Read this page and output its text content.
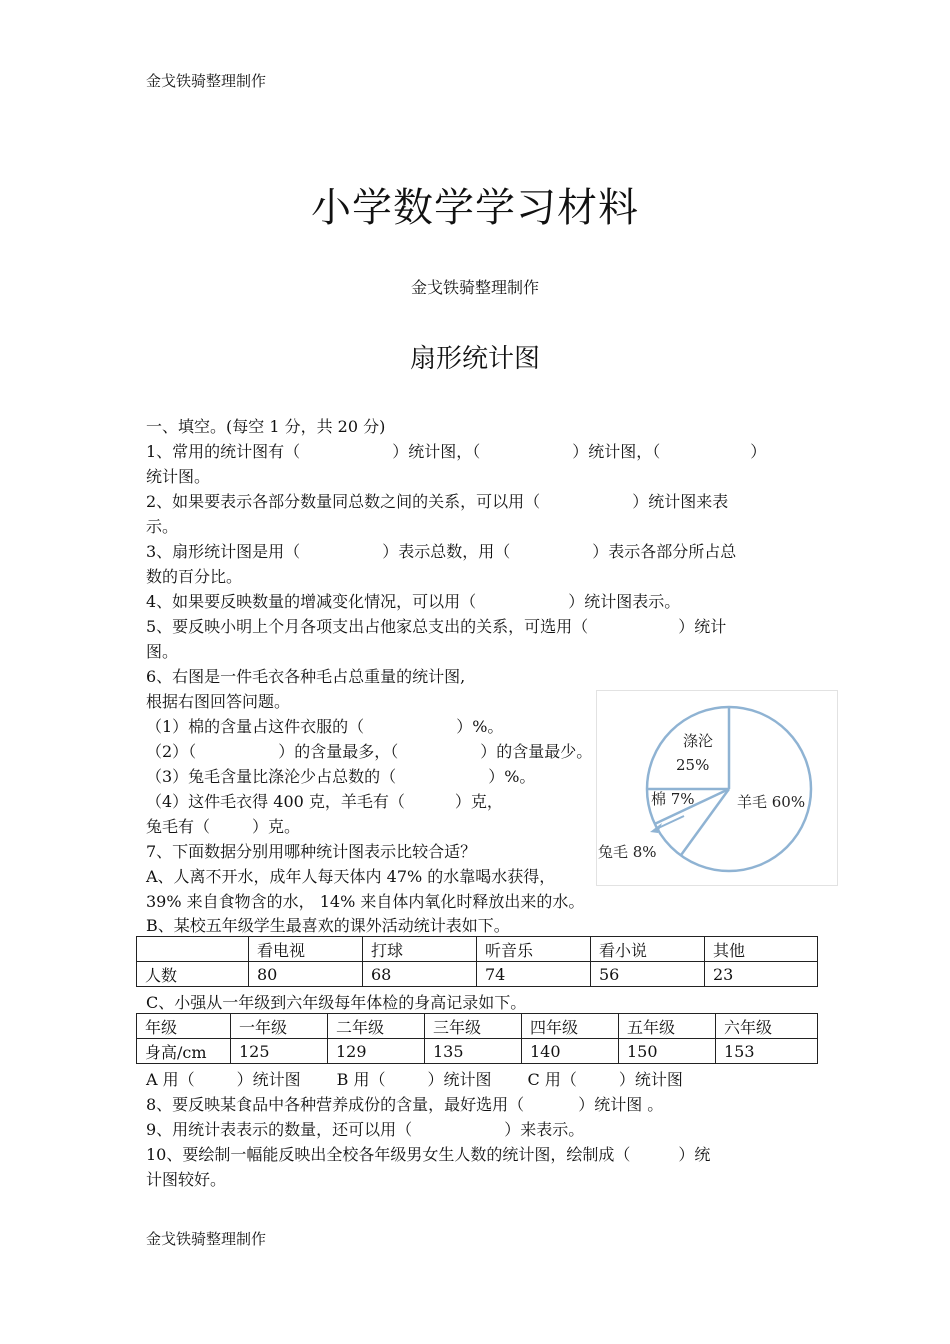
金戈铁骑整理制作
小学数学学习材料
金戈铁骑整理制作
扇形统计图
一、填空。(每空 1 分，共 20 分)
1、常用的统计图有（	）统计图，（	）统计图，（	）
统计图。
2、如果要表示各部分数量同总数之间的关系，可以用（	）统计图来表
示。
3、扇形统计图是用（	）表示总数，用（	）表示各部分所占总
数的百分比。
4、如果要反映数量的增减变化情况，可以用（	）统计图表示。
5、要反映小明上个月各项支出占他家总支出的关系，可选用（	）统计
图。
6、右图是一件毛衣各种毛占总重量的统计图,
根据右图回答问题。
（1）棉的含量占这件衣服的（	）%。
（2）（	）的含量最多，（	）的含量最少。
（3）兔毛含量比涤沦少占总数的（	）%。
（4）这件毛衣得 400 克，羊毛有（	）克，
兔毛有（	）克。
涤沦
25%
羊毛 60%
棉 7%
兔毛 8%
7、下面数据分别用哪种统计图表示比较合适？
A、人离不开水，成年人每天体内 47% 的水靠喝水获得，
39% 来自食物含的水， 14% 来自体内氧化时释放出来的水。
B、某校五年级学生最喜欢的课外活动统计表如下。
	看电视	打球	听音乐	看小说	其他
人数	80	68	74	56	23
C、小强从一年级到六年级每年体检的身高记录如下。
年级	一年级	二年级	三年级	四年级	五年级	六年级
身高/cm	125	129	135	140	150	153
A 用（	）统计图 B 用（	）统计图 C 用（	）统计图
8、要反映某食品中各种营养成份的含量，最好选用（	）统计图 。
9、用统计表表示的数量，还可以用（	）来表示。
10、要绘制一幅能反映出全校各年级男女生人数的统计图，绘制成（	）统
计图较好。
金戈铁骑整理制作
